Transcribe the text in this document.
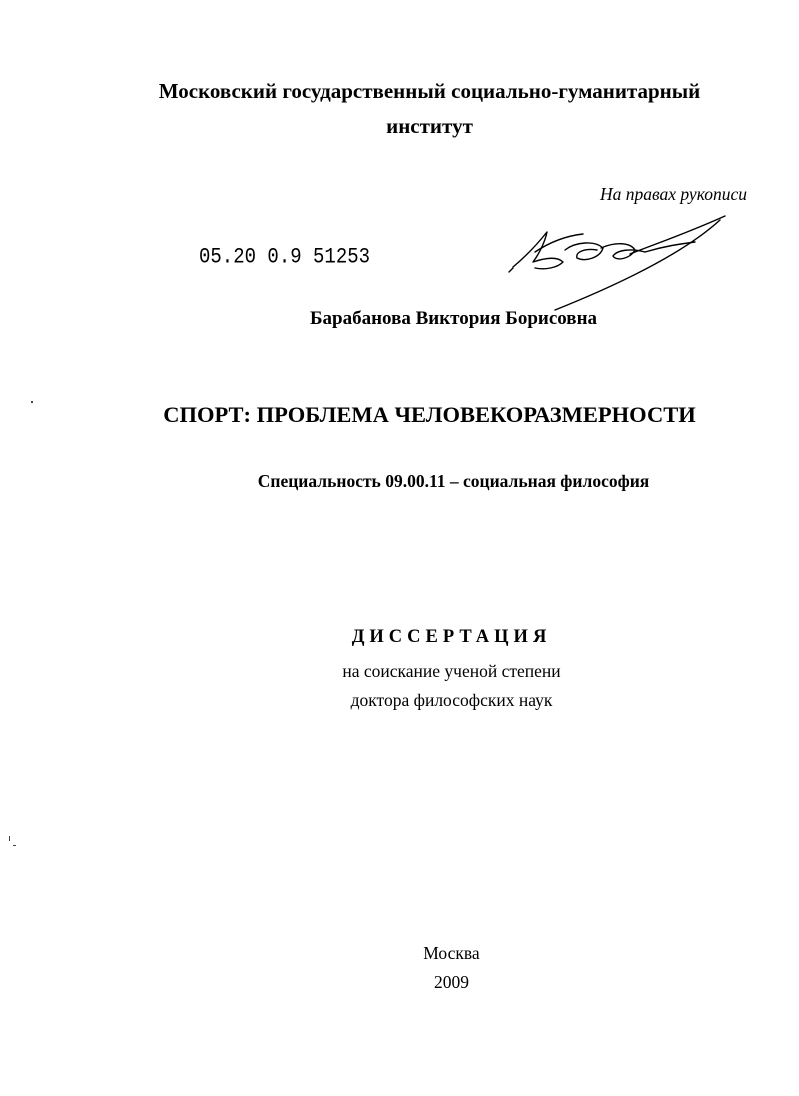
Московский государственный социально-гуманитарный
институт
На правах рукописи
05.20 0.9 51253
Барабанова Виктория Борисовна
СПОРТ: ПРОБЛЕМА ЧЕЛОВЕКОРАЗМЕРНОСТИ
Специальность 09.00.11 – социальная философия
ДИССЕРТАЦИЯ
на соискание ученой степени
доктора философских наук
Москва
2009
